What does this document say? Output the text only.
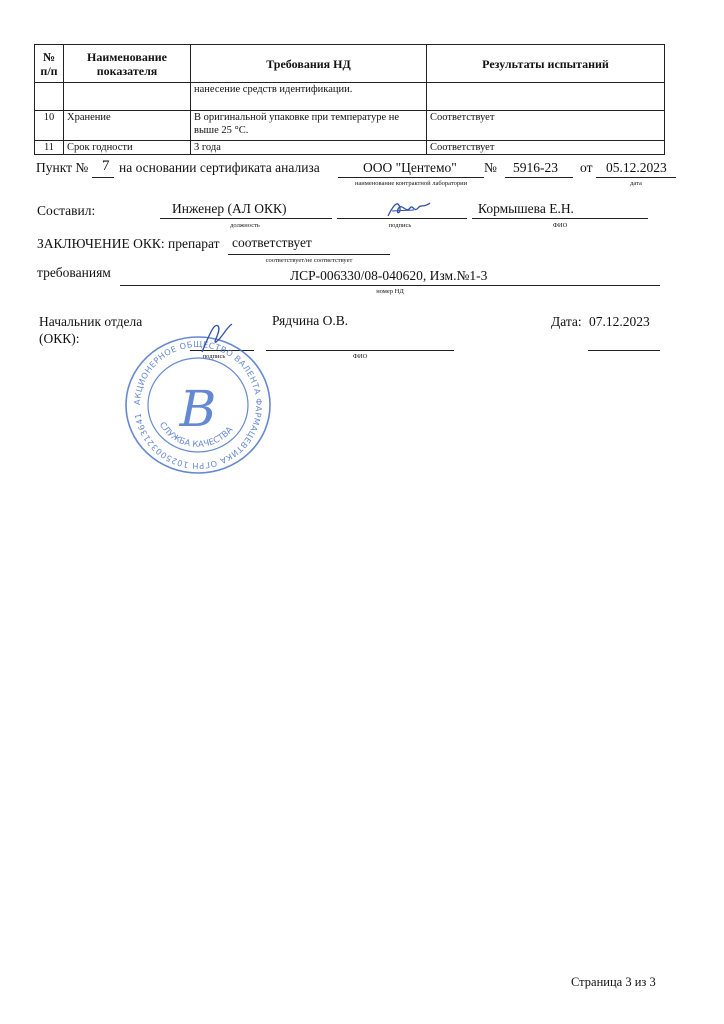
№
п/п	Наименование показателя	Требования НД	Результаты испытаний
		нанесение средств идентификации.	
10	Хранение	В оригинальной упаковке при температуре не выше 25 °С.	Соответствует
11	Срок годности	3 года	Соответствует
Пункт № 7 на основании сертификата анализа	ООО "Центемо"
наименование контрактной лаборатории
№ 5916-23 от 05.12.2023
дата
Составил:	Инженер (АЛ ОКК)
должность	подпись
Кормышева Е.Н.
ФИО
ЗАКЛЮЧЕНИЕ ОКК: препарат соответствует
соответствует/не соответствует
требованиям	ЛСР-006330/08-040620, Изм.№1-3
номер НД
Начальник отдела
(ОКК):
Рядчина О.В.
подпись	ФИО
Дата: 07.12.2023
АКЦИОНЕРНОЕ ОБЩЕСТВО ВАЛЕНТА ФАРМАЦЕВТИКА ОГРН 1025003213641 B
СЛУЖБА КАЧЕСТВА
Страница 3 из 3
